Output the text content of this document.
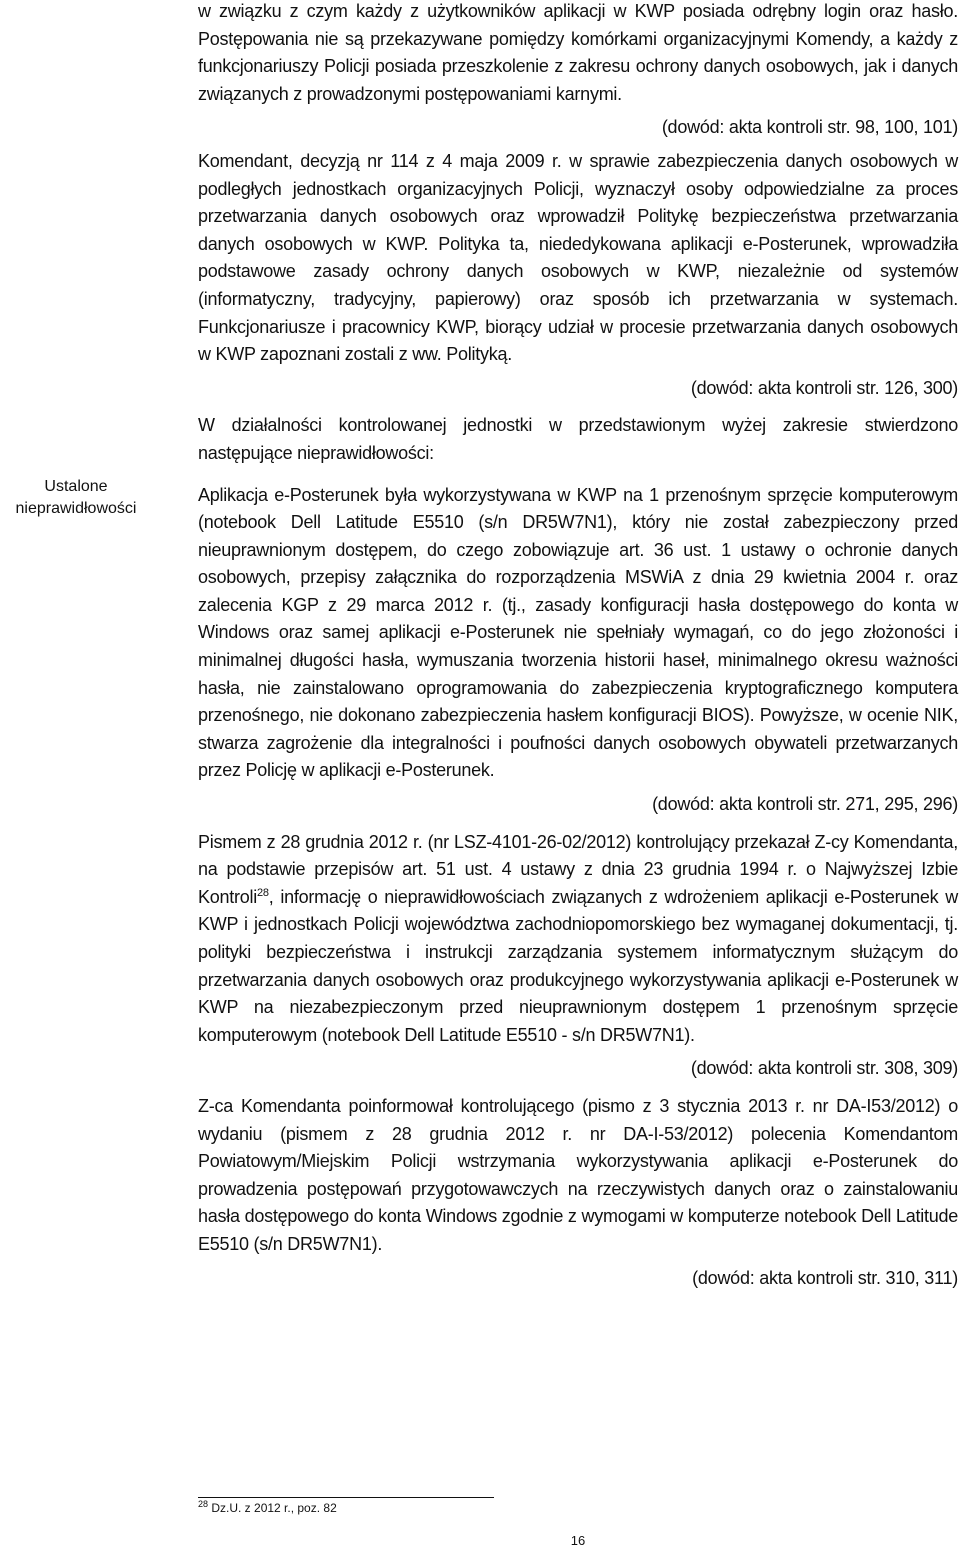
Ustalone
nieprawidłowości

w związku z czym każdy z użytkowników aplikacji w KWP posiada odrębny login oraz hasło. Postępowania nie są przekazywane pomiędzy komórkami organizacyjnymi Komendy, a każdy z funkcjonariuszy Policji posiada przeszkolenie z zakresu ochrony danych osobowych, jak i danych związanych z prowadzonymi postępowaniami karnymi.

(dowód: akta kontroli str. 98, 100, 101)

Komendant, decyzją nr 114 z 4 maja 2009 r. w sprawie zabezpieczenia danych osobowych w podległych jednostkach organizacyjnych Policji, wyznaczył osoby odpowiedzialne za proces przetwarzania danych osobowych oraz wprowadził Politykę bezpieczeństwa przetwarzania danych osobowych w KWP. Polityka ta, niededykowana aplikacji e-Posterunek, wprowadziła podstawowe zasady ochrony danych osobowych w KWP, niezależnie od systemów (informatyczny, tradycyjny, papierowy) oraz sposób ich przetwarzania w systemach. Funkcjonariusze i pracownicy KWP, biorący udział w procesie przetwarzania danych osobowych w KWP zapoznani zostali z ww. Polityką.

(dowód: akta kontroli str. 126, 300)

W działalności kontrolowanej jednostki w przedstawionym wyżej zakresie stwierdzono następujące nieprawidłowości:

Aplikacja e-Posterunek była wykorzystywana w KWP na 1 przenośnym sprzęcie komputerowym (notebook Dell Latitude E5510 (s/n DR5W7N1), który nie został zabezpieczony przed nieuprawnionym dostępem, do czego zobowiązuje art. 36 ust. 1 ustawy o ochronie danych osobowych, przepisy załącznika do rozporządzenia MSWiA z dnia 29 kwietnia 2004 r. oraz zalecenia KGP z 29 marca 2012 r. (tj., zasady konfiguracji hasła dostępowego do konta w Windows oraz samej aplikacji e-Posterunek nie spełniały wymagań, co do jego złożoności i minimalnej długości hasła, wymuszania tworzenia historii haseł, minimalnego okresu ważności hasła, nie zainstalowano oprogramowania do zabezpieczenia kryptograficznego komputera przenośnego, nie dokonano zabezpieczenia hasłem konfiguracji BIOS). Powyższe, w ocenie NIK, stwarza zagrożenie dla integralności i poufności danych osobowych obywateli przetwarzanych przez Policję w aplikacji e-Posterunek.

(dowód: akta kontroli str. 271, 295, 296)

Pismem z 28 grudnia 2012 r. (nr LSZ-4101-26-02/2012) kontrolujący przekazał Z-cy Komendanta, na podstawie przepisów art. 51 ust. 4 ustawy z dnia 23 grudnia 1994 r. o Najwyższej Izbie Kontroli$^{28}$, informację o nieprawidłowościach związanych z wdrożeniem aplikacji e-Posterunek w KWP i jednostkach Policji województwa zachodniopomorskiego bez wymaganej dokumentacji, tj. polityki bezpieczeństwa i instrukcji zarządzania systemem informatycznym służącym do przetwarzania danych osobowych oraz produkcyjnego wykorzystywania aplikacji e-Posterunek w KWP na niezabezpieczonym przed nieuprawnionym dostępem 1 przenośnym sprzęcie komputerowym (notebook Dell Latitude E5510 - s/n DR5W7N1).

(dowód: akta kontroli str. 308, 309)

Z-ca Komendanta poinformował kontrolującego (pismo z 3 stycznia 2013 r. nr DA-I53/2012) o wydaniu (pismem z 28 grudnia 2012 r. nr DA-I-53/2012) polecenia Komendantom Powiatowym/Miejskim Policji wstrzymania wykorzystywania aplikacji e-Posterunek do prowadzenia postępowań przygotowawczych na rzeczywistych danych oraz o zainstalowaniu hasła dostępowego do konta Windows zgodnie z wymogami w komputerze notebook Dell Latitude E5510 (s/n DR5W7N1).

(dowód: akta kontroli str. 310, 311)

$^{28}$ Dz.U. z 2012 r., poz. 82
16
